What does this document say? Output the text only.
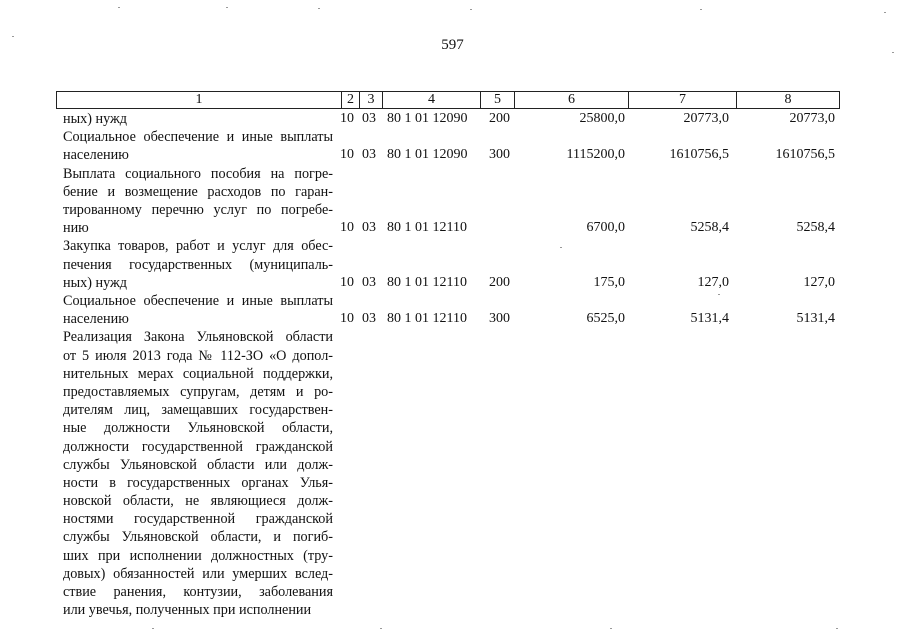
597
1	2 3	4	5	6	7	8
ных) нужд	10 03 80 1 01 12090 200	25800,0	20773,0	20773,0
Социальное обеспечение и иные выплаты
населению	10 03 80 1 01 12090 300	1115200,0	1610756,5	1610756,5
Выплата социального пособия на погре-
бение и возмещение расходов по гаран-
тированному перечню услуг по погребе-
нию	10 03 80 1 01 12110	6700,0	5258,4	5258,4
Закупка товаров, работ и услуг для обес-
печения государственных (муниципаль-
ных) нужд	10 03 80 1 01 12110 200	175,0	127,0	127,0
Социальное обеспечение и иные выплаты
населению	10 03 80 1 01 12110 300	6525,0	5131,4	5131,4
Реализация Закона Ульяновской области
от 5 июля 2013 года № 112-ЗО «О допол-
нительных мерах социальной поддержки,
предоставляемых супругам, детям и ро-
дителям лиц, замещавших государствен-
ные должности Ульяновской области,
должности государственной гражданской
службы Ульяновской области или долж-
ности в государственных органах Улья-
новской области, не являющиеся долж-
ностями государственной гражданской
службы Ульяновской области, и погиб-
ших при исполнении должностных (тру-
довых) обязанностей или умерших вслед-
ствие ранения, контузии, заболевания
или увечья, полученных при исполнении
